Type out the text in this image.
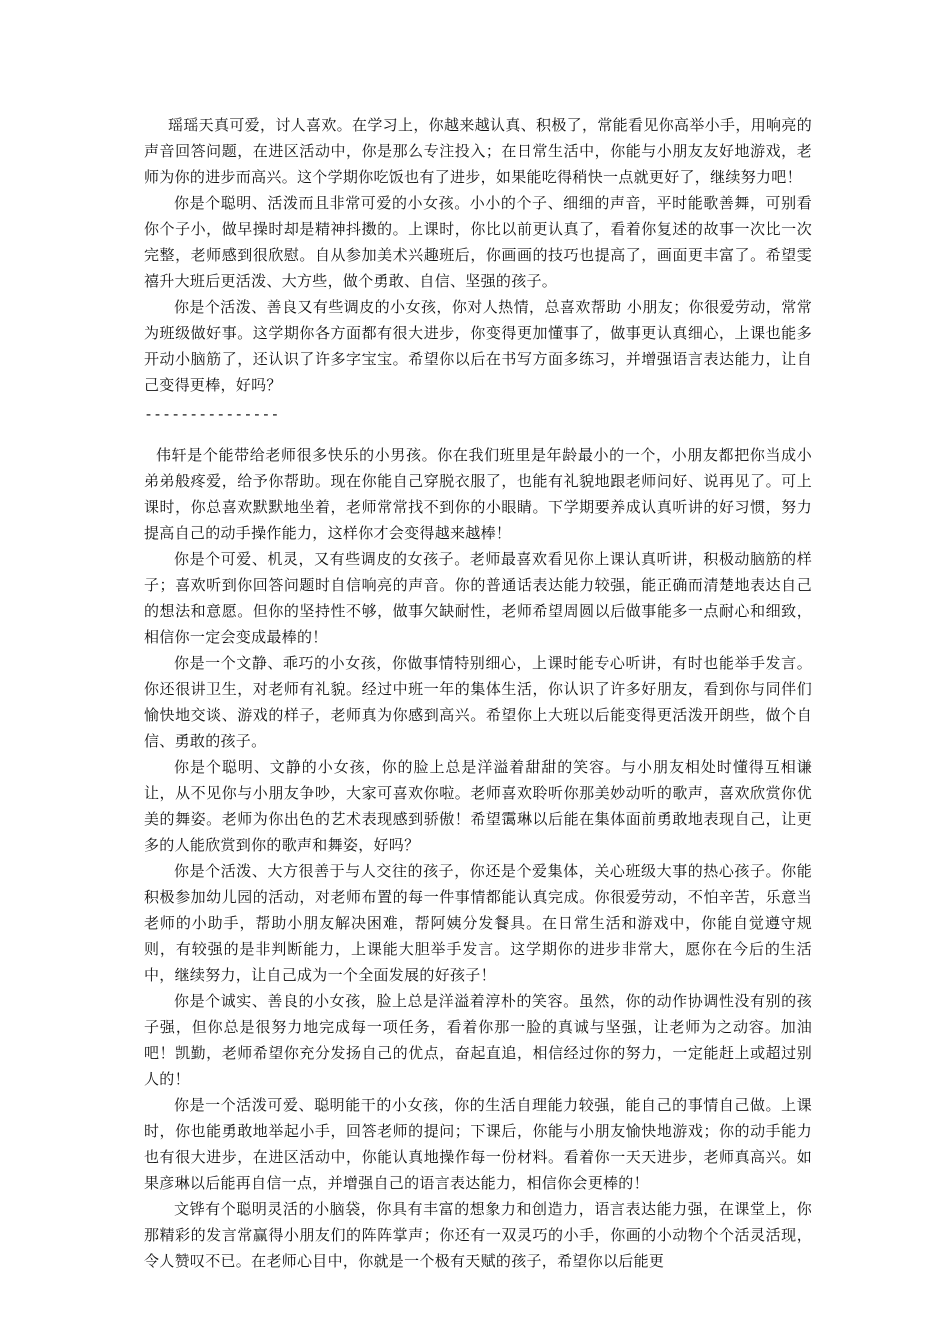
瑶瑶天真可爱，讨人喜欢。在学习上，你越来越认真、积极了，常能看见你高举小手，用响亮的声音回答问题，在进区活动中，你是那么专注投入；在日常生活中，你能与小朋友友好地游戏，老师为你的进步而高兴。这个学期你吃饭也有了进步，如果能吃得稍快一点就更好了，继续努力吧！

你是个聪明、活泼而且非常可爱的小女孩。小小的个子、细细的声音，平时能歌善舞，可别看你个子小，做早操时却是精神抖擞的。上课时，你比以前更认真了，看着你复述的故事一次比一次完整，老师感到很欣慰。自从参加美术兴趣班后，你画画的技巧也提高了，画面更丰富了。希望雯禧升大班后更活泼、大方些，做个勇敢、自信、坚强的孩子。

你是个活泼、善良又有些调皮的小女孩，你对人热情，总喜欢帮助 小朋友；你很爱劳动，常常为班级做好事。这学期你各方面都有很大进步，你变得更加懂事了，做事更认真细心，上课也能多开动小脑筋了，还认识了许多字宝宝。希望你以后在书写方面多练习，并增强语言表达能力，让自己变得更棒，好吗？

---------------

伟轩是个能带给老师很多快乐的小男孩。你在我们班里是年龄最小的一个，小朋友都把你当成小弟弟般疼爱，给予你帮助。现在你能自己穿脱衣服了，也能有礼貌地跟老师问好、说再见了。可上课时，你总喜欢默默地坐着，老师常常找不到你的小眼睛。下学期要养成认真听讲的好习惯，努力提高自己的动手操作能力，这样你才会变得越来越棒！

你是个可爱、机灵，又有些调皮的女孩子。老师最喜欢看见你上课认真听讲，积极动脑筋的样子；喜欢听到你回答问题时自信响亮的声音。你的普通话表达能力较强，能正确而清楚地表达自己的想法和意愿。但你的坚持性不够，做事欠缺耐性，老师希望周圆以后做事能多一点耐心和细致，相信你一定会变成最棒的！

你是一个文静、乖巧的小女孩，你做事情特别细心，上课时能专心听讲，有时也能举手发言。你还很讲卫生，对老师有礼貌。经过中班一年的集体生活，你认识了许多好朋友，看到你与同伴们愉快地交谈、游戏的样子，老师真为你感到高兴。希望你上大班以后能变得更活泼开朗些，做个自信、勇敢的孩子。

你是个聪明、文静的小女孩，你的脸上总是洋溢着甜甜的笑容。与小朋友相处时懂得互相谦让，从不见你与小朋友争吵，大家可喜欢你啦。老师喜欢聆听你那美妙动听的歌声，喜欢欣赏你优美的舞姿。老师为你出色的艺术表现感到骄傲！希望霭琳以后能在集体面前勇敢地表现自己，让更多的人能欣赏到你的歌声和舞姿，好吗？

你是个活泼、大方很善于与人交往的孩子，你还是个爱集体，关心班级大事的热心孩子。你能积极参加幼儿园的活动，对老师布置的每一件事情都能认真完成。你很爱劳动，不怕辛苦，乐意当老师的小助手，帮助小朋友解决困难，帮阿姨分发餐具。在日常生活和游戏中，你能自觉遵守规则，有较强的是非判断能力，上课能大胆举手发言。这学期你的进步非常大，愿你在今后的生活中，继续努力，让自己成为一个全面发展的好孩子！

你是个诚实、善良的小女孩，脸上总是洋溢着淳朴的笑容。虽然，你的动作协调性没有别的孩子强，但你总是很努力地完成每一项任务，看着你那一脸的真诚与坚强，让老师为之动容。加油吧！凯勤，老师希望你充分发扬自己的优点，奋起直追，相信经过你的努力，一定能赶上或超过别人的！

你是一个活泼可爱、聪明能干的小女孩，你的生活自理能力较强，能自己的事情自己做。上课时，你也能勇敢地举起小手，回答老师的提问；下课后，你能与小朋友愉快地游戏；你的动手能力也有很大进步，在进区活动中，你能认真地操作每一份材料。看着你一天天进步，老师真高兴。如果彦琳以后能再自信一点，并增强自己的语言表达能力，相信你会更棒的！

文铧有个聪明灵活的小脑袋，你具有丰富的想象力和创造力，语言表达能力强，在课堂上，你那精彩的发言常赢得小朋友们的阵阵掌声；你还有一双灵巧的小手，你画的小动物个个活灵活现，令人赞叹不已。在老师心目中，你就是一个极有天赋的孩子，希望你以后能更
